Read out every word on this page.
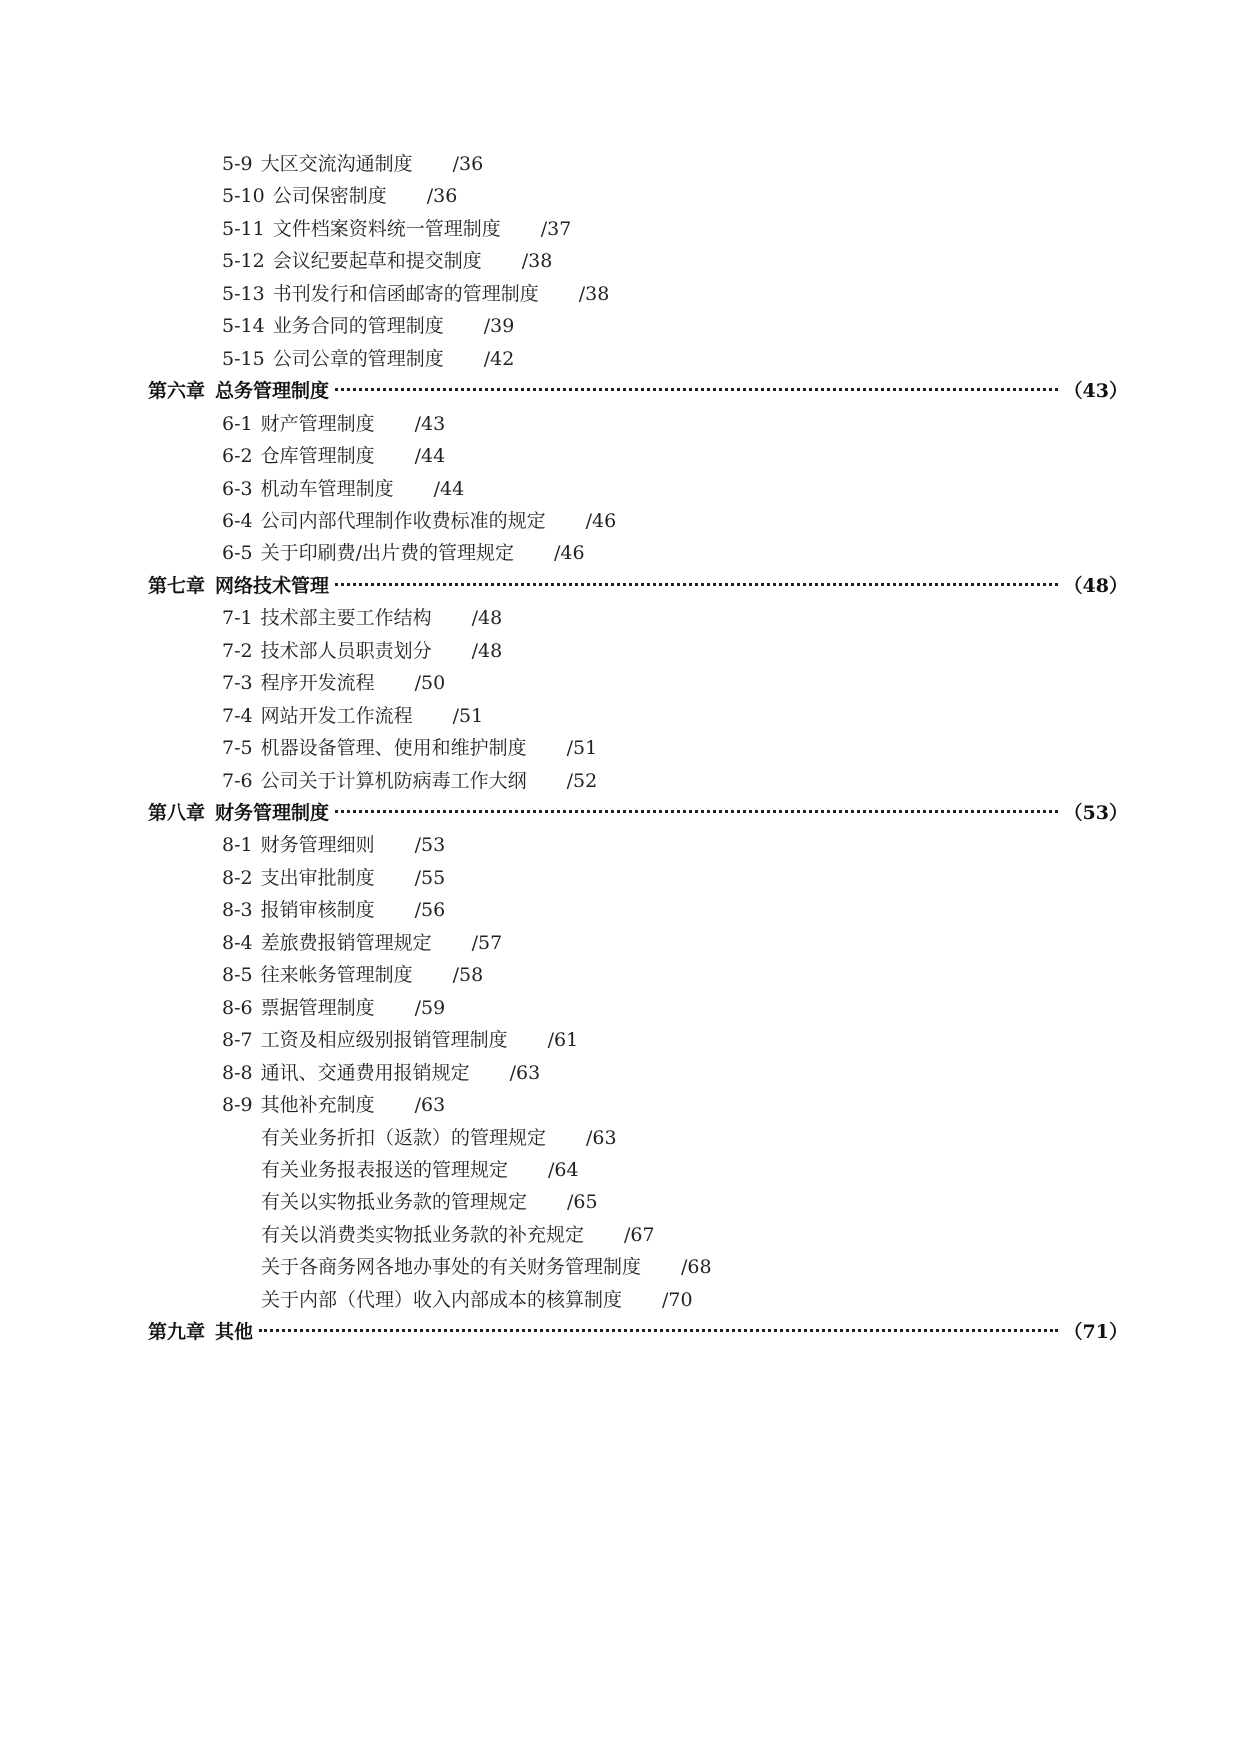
5-9 大区交流沟通制度 /36
5-10 公司保密制度 /36
5-11 文件档案资料统一管理制度 /37
5-12 会议纪要起草和提交制度 /38
5-13 书刊发行和信函邮寄的管理制度 /38
5-14 业务合同的管理制度 /39
5-15 公司公章的管理制度 /42
第六章 总务管理制度	（43）
6-1 财产管理制度 /43
6-2 仓库管理制度 /44
6-3 机动车管理制度 /44
6-4 公司内部代理制作收费标准的规定 /46
6-5 关于印刷费/出片费的管理规定 /46
第七章 网络技术管理	（48）
7-1 技术部主要工作结构 /48
7-2 技术部人员职责划分 /48
7-3 程序开发流程 /50
7-4 网站开发工作流程 /51
7-5 机器设备管理、使用和维护制度 /51
7-6 公司关于计算机防病毒工作大纲 /52
第八章 财务管理制度	（53）
8-1 财务管理细则 /53
8-2 支出审批制度 /55
8-3 报销审核制度 /56
8-4 差旅费报销管理规定 /57
8-5 往来帐务管理制度 /58
8-6 票据管理制度 /59
8-7 工资及相应级别报销管理制度 /61
8-8 通讯、交通费用报销规定 /63
8-9 其他补充制度 /63
有关业务折扣（返款）的管理规定 /63
有关业务报表报送的管理规定 /64
有关以实物抵业务款的管理规定 /65
有关以消费类实物抵业务款的补充规定 /67
关于各商务网各地办事处的有关财务管理制度 /68
关于内部（代理）收入内部成本的核算制度 /70
第九章 其他	（71）
